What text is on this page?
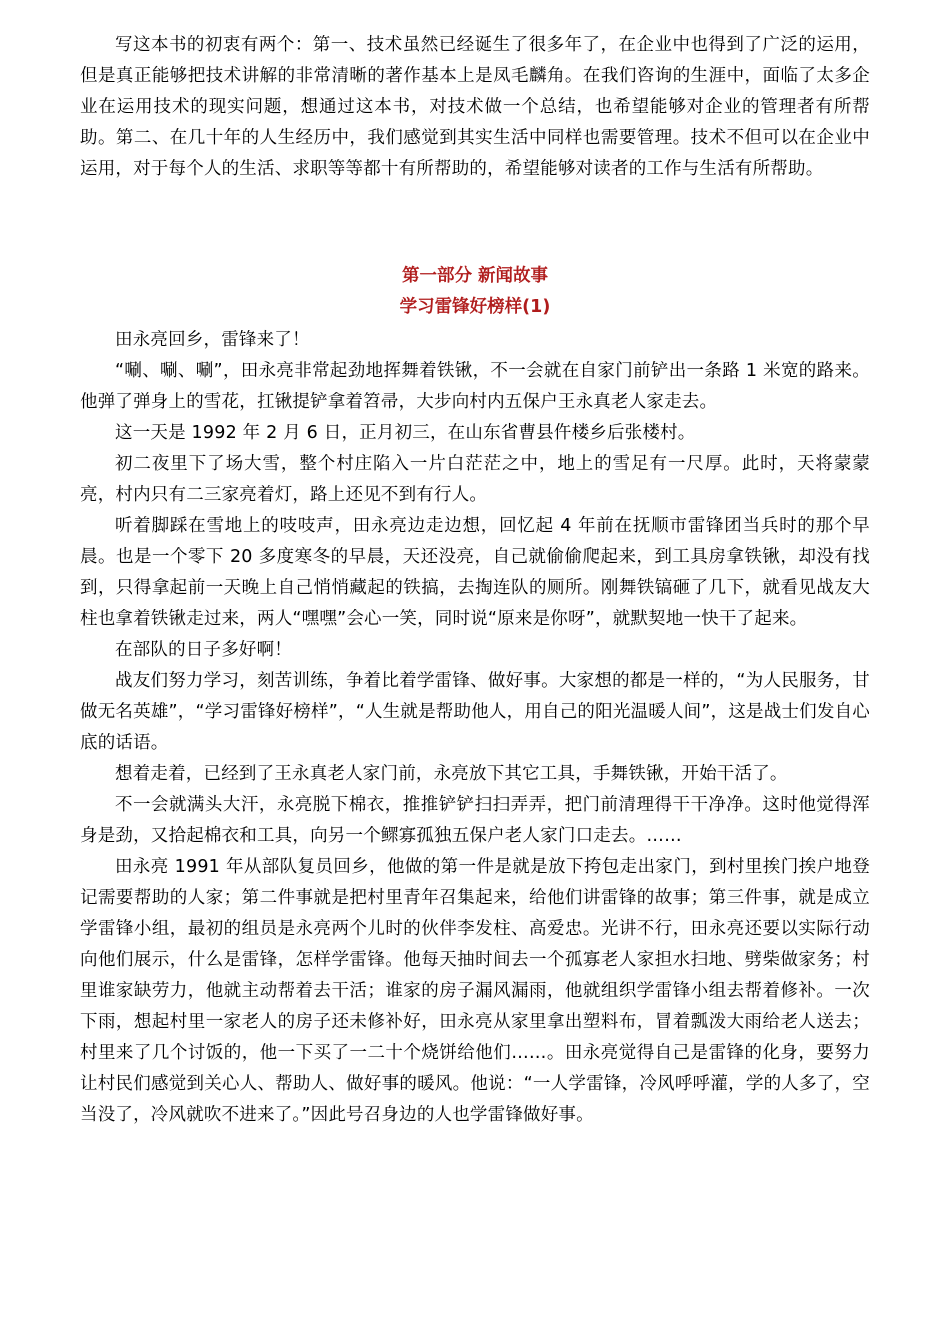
写这本书的初衷有两个：第一、技术虽然已经诞生了很多年了，在企业中也得到了广泛的运用，但是真正能够把技术讲解的非常清晰的著作基本上是凤毛麟角。在我们咨询的生涯中，面临了太多企业在运用技术的现实问题，想通过这本书，对技术做一个总结，也希望能够对企业的管理者有所帮助。第二、在几十年的人生经历中，我们感觉到其实生活中同样也需要管理。技术不但可以在企业中运用，对于每个人的生活、求职等等都十有所帮助的，希望能够对读者的工作与生活有所帮助。

第一部分 新闻故事
学习雷锋好榜样(1)

田永亮回乡，雷锋来了！

“唰、唰、唰”，田永亮非常起劲地挥舞着铁锹，不一会就在自家门前铲出一条路 1 米宽的路来。他弹了弹身上的雪花，扛锹提铲拿着笤帚，大步向村内五保户王永真老人家走去。

这一天是 1992 年 2 月 6 日，正月初三，在山东省曹县仵楼乡后张楼村。

初二夜里下了场大雪，整个村庄陷入一片白茫茫之中，地上的雪足有一尺厚。此时，天将蒙蒙亮，村内只有二三家亮着灯，路上还见不到有行人。

听着脚踩在雪地上的吱吱声，田永亮边走边想，回忆起 4 年前在抚顺市雷锋团当兵时的那个早晨。也是一个零下 20 多度寒冬的早晨，天还没亮，自己就偷偷爬起来，到工具房拿铁锹，却没有找到，只得拿起前一天晚上自己悄悄藏起的铁搞，去掏连队的厕所。刚舞铁镐砸了几下，就看见战友大柱也拿着铁锹走过来，两人“嘿嘿”会心一笑，同时说“原来是你呀”，就默契地一快干了起来。

在部队的日子多好啊！

战友们努力学习，刻苦训练，争着比着学雷锋、做好事。大家想的都是一样的，“为人民服务，甘做无名英雄”，“学习雷锋好榜样”，“人生就是帮助他人，用自己的阳光温暖人间”，这是战士们发自心底的话语。

想着走着，已经到了王永真老人家门前，永亮放下其它工具，手舞铁锹，开始干活了。

不一会就满头大汗，永亮脱下棉衣，推推铲铲扫扫弄弄，把门前清理得干干净净。这时他觉得浑身是劲，又拾起棉衣和工具，向另一个鳏寡孤独五保户老人家门口走去。……

田永亮 1991 年从部队复员回乡，他做的第一件是就是放下挎包走出家门，到村里挨门挨户地登记需要帮助的人家；第二件事就是把村里青年召集起来，给他们讲雷锋的故事；第三件事，就是成立学雷锋小组，最初的组员是永亮两个儿时的伙伴李发柱、高爱忠。光讲不行，田永亮还要以实际行动向他们展示，什么是雷锋，怎样学雷锋。他每天抽时间去一个孤寡老人家担水扫地、劈柴做家务；村里谁家缺劳力，他就主动帮着去干活；谁家的房子漏风漏雨，他就组织学雷锋小组去帮着修补。一次下雨，想起村里一家老人的房子还未修补好，田永亮从家里拿出塑料布，冒着瓢泼大雨给老人送去；村里来了几个讨饭的，他一下买了一二十个烧饼给他们……。田永亮觉得自己是雷锋的化身，要努力让村民们感觉到关心人、帮助人、做好事的暖风。他说：“一人学雷锋，冷风呼呼灌，学的人多了，空当没了，冷风就吹不进来了。”因此号召身边的人也学雷锋做好事。
